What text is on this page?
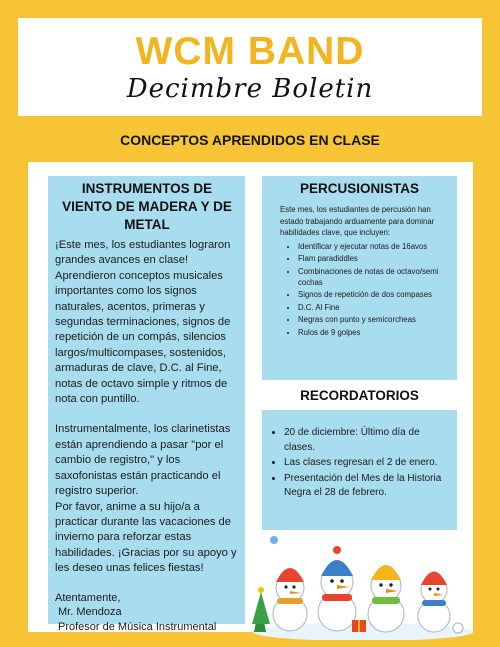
WCM BAND
Decimbre Boletin
CONCEPTOS APRENDIDOS EN CLASE
INSTRUMENTOS DE VIENTO DE MADERA Y DE METAL

¡Este mes, los estudiantes lograron grandes avances en clase! Aprendieron conceptos musicales importantes como los signos naturales, acentos, primeras y segundas terminaciones, signos de repetición de un compás, silencios largos/multicompases, sostenidos, armaduras de clave, D.C. al Fine, notas de octavo simple y ritmos de nota con puntillo.

Instrumentalmente, los clarinetistas están aprendiendo a pasar "por el cambio de registro," y los saxofonistas están practicando el registro superior.

Por favor, anime a su hijo/a a practicar durante las vacaciones de invierno para reforzar estas habilidades. ¡Gracias por su apoyo y les deseo unas felices fiestas!

Atentamente,
Mr. Mendoza
Profesor de Música Instrumental
PERCUSIONISTAS

Este mes, los estudiantes de percusión han estado trabajando arduamente para dominar habilidades clave, que incluyen:

• Identificar y ejecutar notas de 16avos
• Flam paradiddles
• Combinaciones de notas de octavo/semi cochas
• Signos de repetición de dos compases
• D.C. Al Fine
• Negras con punto y semicorcheas
• Rulos de 9 golpes
RECORDATORIOS
• 20 de diciembre: Último día de clases.
• Las clases regresan el 2 de enero.
• Presentación del Mes de la Historia Negra el 28 de febrero.
